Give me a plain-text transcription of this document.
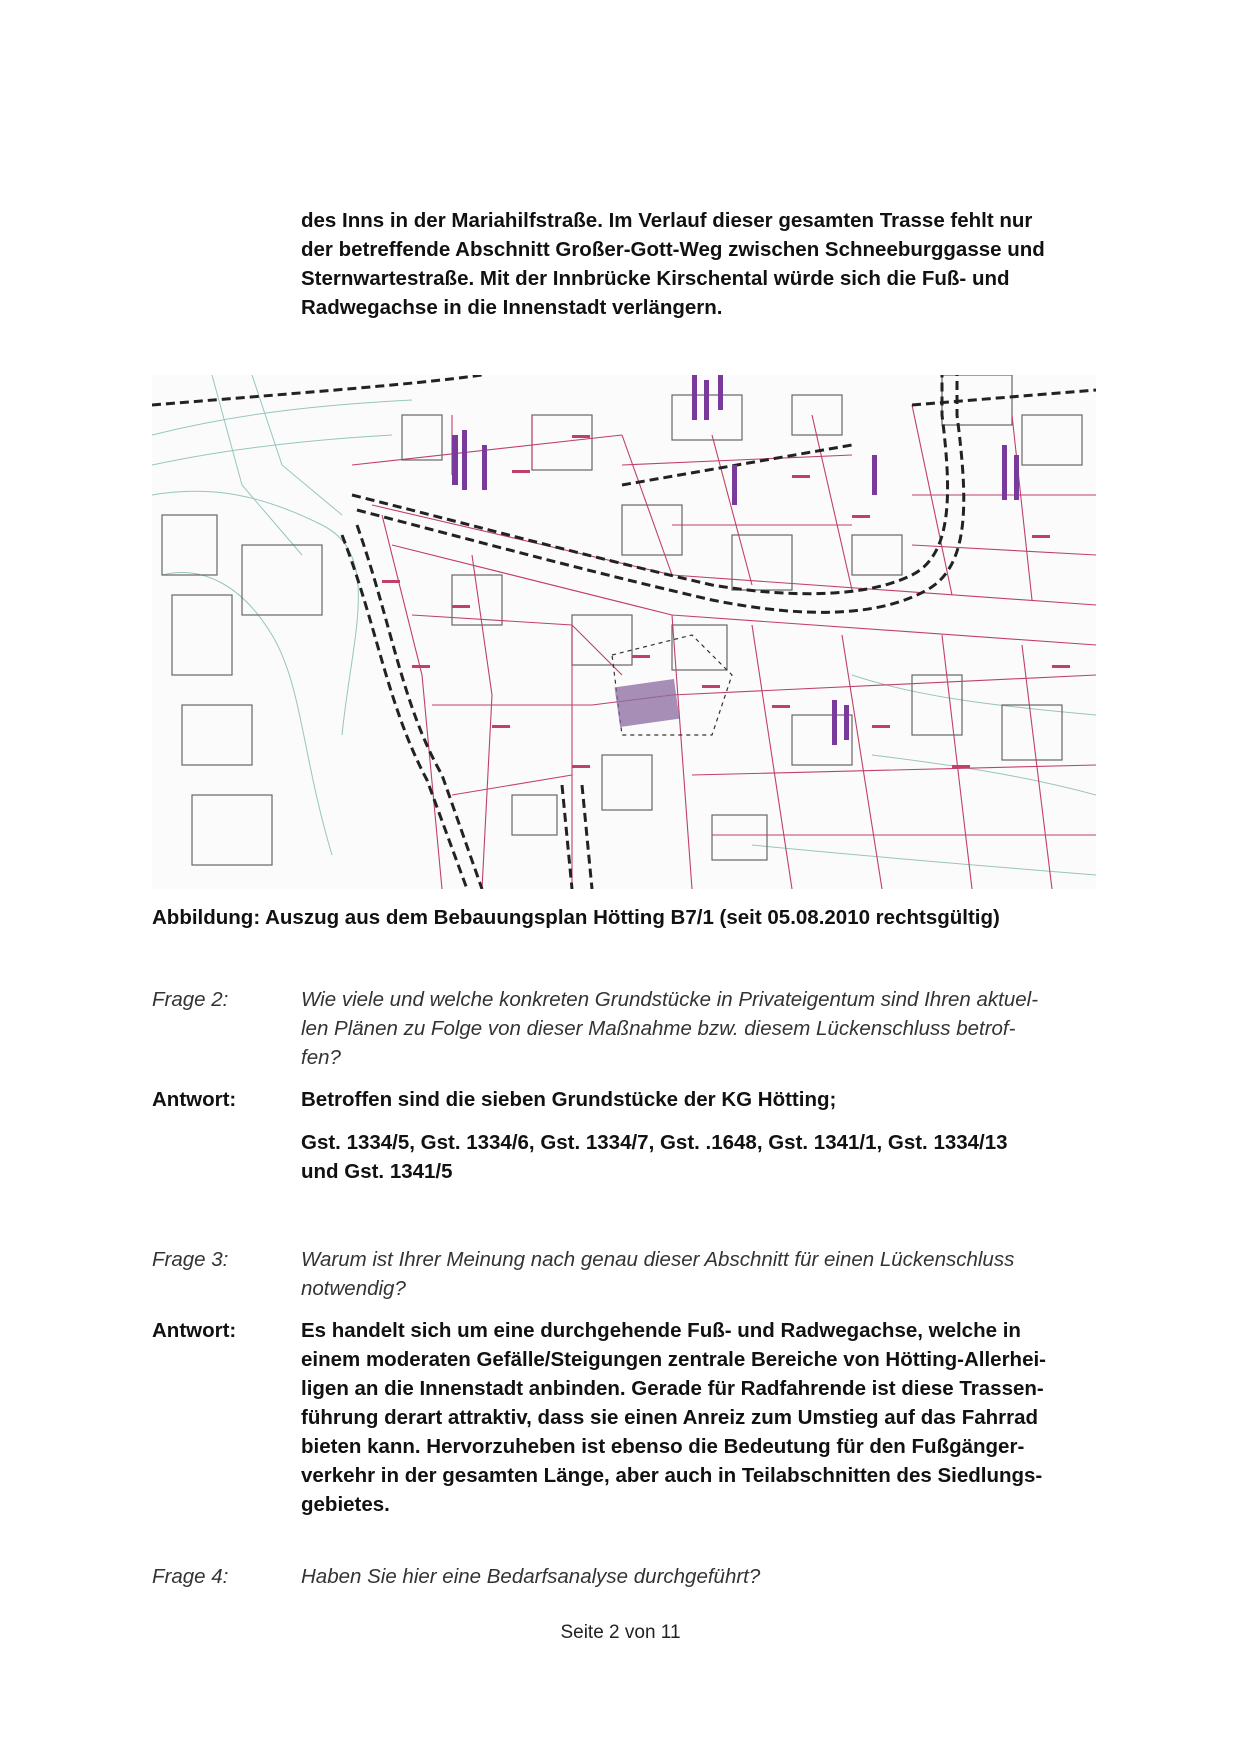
des Inns in der Mariahilfstraße. Im Verlauf dieser gesamten Trasse fehlt nur
der betreffende Abschnitt Großer-Gott-Weg zwischen Schneeburggasse und
Sternwartestraße. Mit der Innbrücke Kirschental würde sich die Fuß- und
Radwegachse in die Innenstadt verlängern.

Abbildung: Auszug aus dem Bebauungsplan Hötting B7/1 (seit 05.08.2010 rechtsgültig)

Frage 2:	Wie viele und welche konkreten Grundstücke in Privateigentum sind Ihren aktuel-
len Plänen zu Folge von dieser Maßnahme bzw. diesem Lückenschluss betrof-
fen?

Antwort:	Betroffen sind die sieben Grundstücke der KG Hötting;
Gst. 1334/5, Gst. 1334/6, Gst. 1334/7, Gst. .1648, Gst. 1341/1, Gst. 1334/13
und Gst. 1341/5

Frage 3:	Warum ist Ihrer Meinung nach genau dieser Abschnitt für einen Lückenschluss
notwendig?

Antwort:	Es handelt sich um eine durchgehende Fuß- und Radwegachse, welche in
einem moderaten Gefälle/Steigungen zentrale Bereiche von Hötting-Allerhei-
ligen an die Innenstadt anbinden. Gerade für Radfahrende ist diese Trassen-
führung derart attraktiv, dass sie einen Anreiz zum Umstieg auf das Fahrrad
bieten kann. Hervorzuheben ist ebenso die Bedeutung für den Fußgänger-
verkehr in der gesamten Länge, aber auch in Teilabschnitten des Siedlungs-
gebietes.

Frage 4:	Haben Sie hier eine Bedarfsanalyse durchgeführt?

Seite 2 von 11
